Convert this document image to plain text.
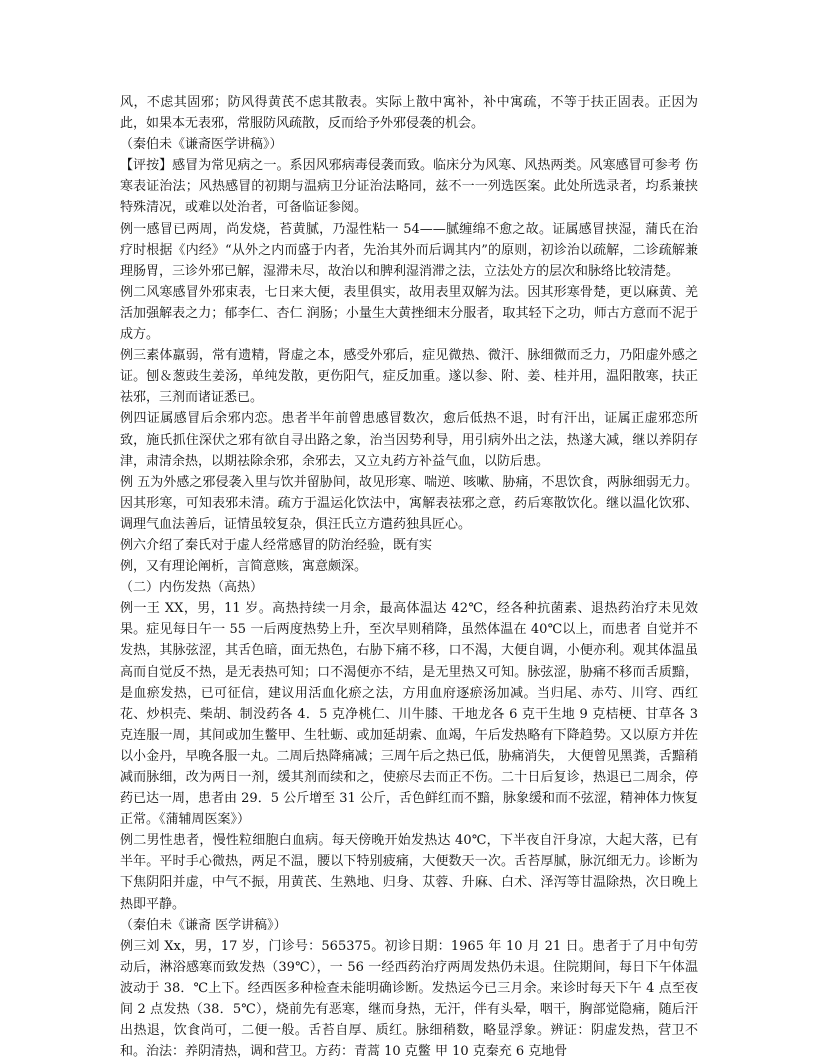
风，不虑其固邪；防风得黄芪不虑其散表。实际上散中寓补，补中寓疏，不等于扶正固表。正因为此，如果本无表邪，常服防风疏散，反而给予外邪侵袭的机会。

（秦伯未《谦斋医学讲稿》）

【评按】感冒为常见病之一。系因风邪病毒侵袭而致。临床分为风寒、风热两类。风寒感冒可参考 伤寒表证治法；风热感冒的初期与温病卫分证治法略同，兹不一一列选医案。此处所选录者，均系兼挟特殊清况，或难以处治者，可备临证参阅。

例一感冒已两周，尚发烧，苔黄腻，乃湿性粘一 54——腻缠绵不愈之故。证属感冒挟湿，蒲氏在治疗时根据《内经》“从外之内而盛于内者，先治其外而后调其内”的原则，初诊治以疏解，二诊疏解兼理肠胃，三诊外邪已解，湿滞未尽，故治以和脾利湿消滞之法，立法处方的层次和脉络比较清楚。

例二风寒感冒外邪束表，七日来大便，表里俱实，故用表里双解为法。因其形寒骨楚，更以麻黄、羌活加强解表之力；郁李仁、杏仁 润肠；小量生大黄挫细末分服者，取其轻下之功，师古方意而不泥于成方。

例三素体羸弱，常有遗精，肾虚之本，感受外邪后，症见微热、微汗、脉细微而乏力，乃阳虚外感之证。刨＆葱豉生姜汤，单纯发散，更伤阳气，症反加重。遂以参、附、姜、桂并用，温阳散寒，扶正祛邪，三剂而诸证悉已。

例四证属感冒后余邪内恋。患者半年前曾患感冒数次，愈后低热不退，时有汗出，证属正虚邪恋所致，施氏抓住深伏之邪有欲自寻出路之象，治当因势利导，用引病外出之法，热遂大减，继以养阴存津，肃清余热，以期祛除余邪，余邪去，又立丸药方补益气血，以防后患。

例 五为外感之邪侵袭入里与饮并留胁间，故见形寒、喘逆、咳嗽、胁痛，不思饮食，两脉细弱无力。因其形寒，可知表邪未清。疏方于温运化饮法中，寓解表祛邪之意，药后寒散饮化。继以温化饮邪、调理气血法善后，证情虽较复杂，俱汪氏立方遣药独具匠心。

例六介绍了秦氏对于虚人经常感冒的防治经验，既有实

例，又有理论阐析，言简意赅，寓意颇深。

（二）内伤发热（高热）

例一王 XX，男，11 岁。高热持续一月余，最高体温达 42℃，经各种抗菌素、退热药治疗未见效果。症见每日午一 55 一后两度热势上升，至次早则稍降，虽然体温在 40℃以上，而患者 自觉并不发热，其脉弦涩，其舌色暗，面无热色，右胁下痛不移，口不渴，大便自调，小便亦利。观其体温虽高而自觉反不热，是无表热可知；口不渴便亦不结，是无里热又可知。脉弦涩，胁痛不移而舌质黯，是血瘀发热，已可征信，建议用活血化瘀之法，方用血府逐瘀汤加减。当归尾、赤芍、川穹、西红花、炒枳壳、柴胡、制没药各 4．5 克净桃仁、川牛膝、干地龙各 6 克干生地 9 克桔梗、甘草各 3 克连服一周，其间或加生鳖甲、生牡蛎、或加延胡索、血竭，午后发热略有下降趋势。又以原方并佐以小金丹，早晚各服一丸。二周后热降痛减；三周午后之热已低，胁痛消失， 大便曾见黑粪，舌黯稍减而脉细，改为两日一剂，缓其剂而续和之，使瘀尽去而正不伤。二十日后复诊，热退已二周余，停药已达一周，患者由 29．5 公斤增至 31 公斤，舌色鲜红而不黯，脉象缓和而不弦涩，精神体力恢复正常。《蒲辅周医案》）

例二男性患者，慢性粒细胞白血病。每天傍晚开始发热达 40℃，下半夜自汗身凉，大起大落，已有半年。平时手心微热，两足不温，腰以下特别疲痛，大便数天一次。舌苔厚腻，脉沉细无力。诊断为下焦阴阳并虚，中气不振，用黄芪、生熟地、归身、苁蓉、升麻、白术、泽泻等甘温除热，次日晚上热即平静。

（秦伯未《谦斋 医学讲稿》）

例三刘 Xx，男，17 岁，门诊号：565375。初诊日期：1965 年 10 月 21 日。患者于了月中旬劳动后，淋浴感寒而致发热（39℃），一 56 一经西药治疗两周发热仍未退。住院期间，每日下午体温波动于 38．℃上下。经西医多种检查未能明确诊断。发热运今已三月余。来诊时每天下午 4 点至夜间 2 点发热（38．5℃），烧前先有恶寒，继而身热，无汗，伴有头晕，咽干，胸部觉隐痛，随后汗出热退，饮食尚可，二便一般。舌苔自厚、质红。脉细稍数，略显浮象。辨证：阴虚发热，营卫不和。治法：养阴清热，调和营卫。方药：青蒿 10 克鳖 甲 10 克秦充 6 克地骨
